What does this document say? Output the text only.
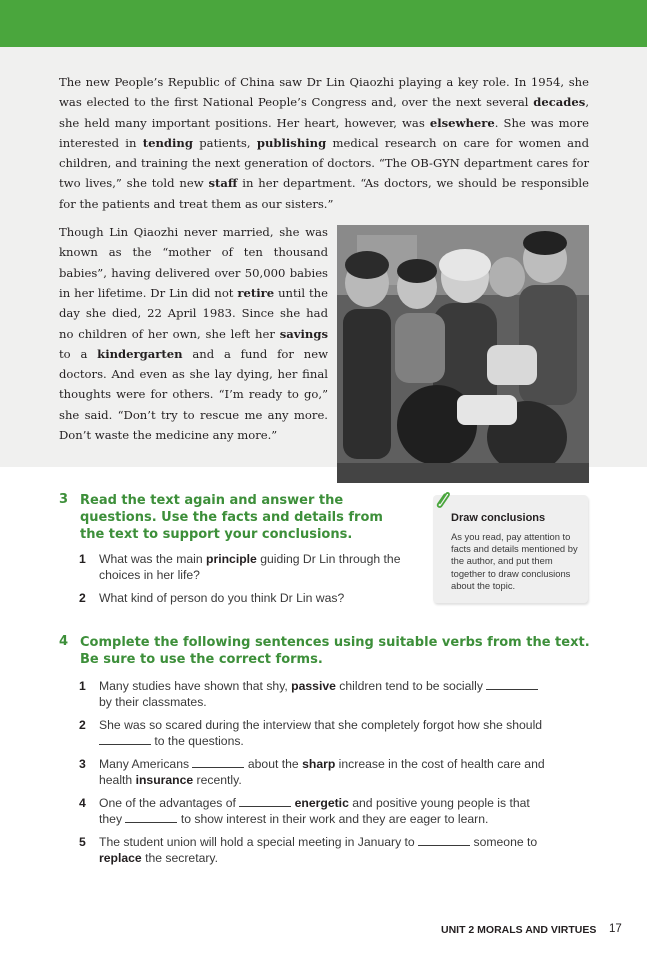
The new People’s Republic of China saw Dr Lin Qiaozhi playing a key role. In 1954, she was elected to the first National People’s Congress and, over the next several decades, she held many important positions. Her heart, however, was elsewhere. She was more interested in tending patients, publishing medical research on care for women and children, and training the next generation of doctors. “The OB-GYN department cares for two lives,” she told new staff in her department. “As doctors, we should be responsible for the patients and treat them as our sisters.”

Though Lin Qiaozhi never married, she was known as the “mother of ten thousand babies”, having delivered over 50,000 babies in her lifetime. Dr Lin did not retire until the day she died, 22 April 1983. Since she had no children of her own, she left her savings to a kindergarten and a fund for new doctors. And even as she lay dying, her final thoughts were for others. “I’m ready to go,” she said. “Don’t try to rescue me any more. Don’t waste the medicine any more.”

3 Read the text again and answer the questions. Use the facts and details from the text to support your conclusions.
1 What was the main principle guiding Dr Lin through the choices in her life?
2 What kind of person do you think Dr Lin was?
Draw conclusions
As you read, pay attention to facts and details mentioned by the author, and put them together to draw conclusions about the topic.
4 Complete the following sentences using suitable verbs from the text. Be sure to use the correct forms.
1 Many studies have shown that shy, passive children tend to be socially  by their classmates.
2 She was so scared during the interview that she completely forgot how she should  to the questions.
3 Many Americans	about the sharp increase in the cost of health care and health insurance recently.
4 One of the advantages of	energetic and positive young people is that they	to show interest in their work and they are eager to learn.
5 The student union will hold a special meeting in January to	someone to replace the secretary.
UNIT 2 MORALS AND VIRTUES 17
